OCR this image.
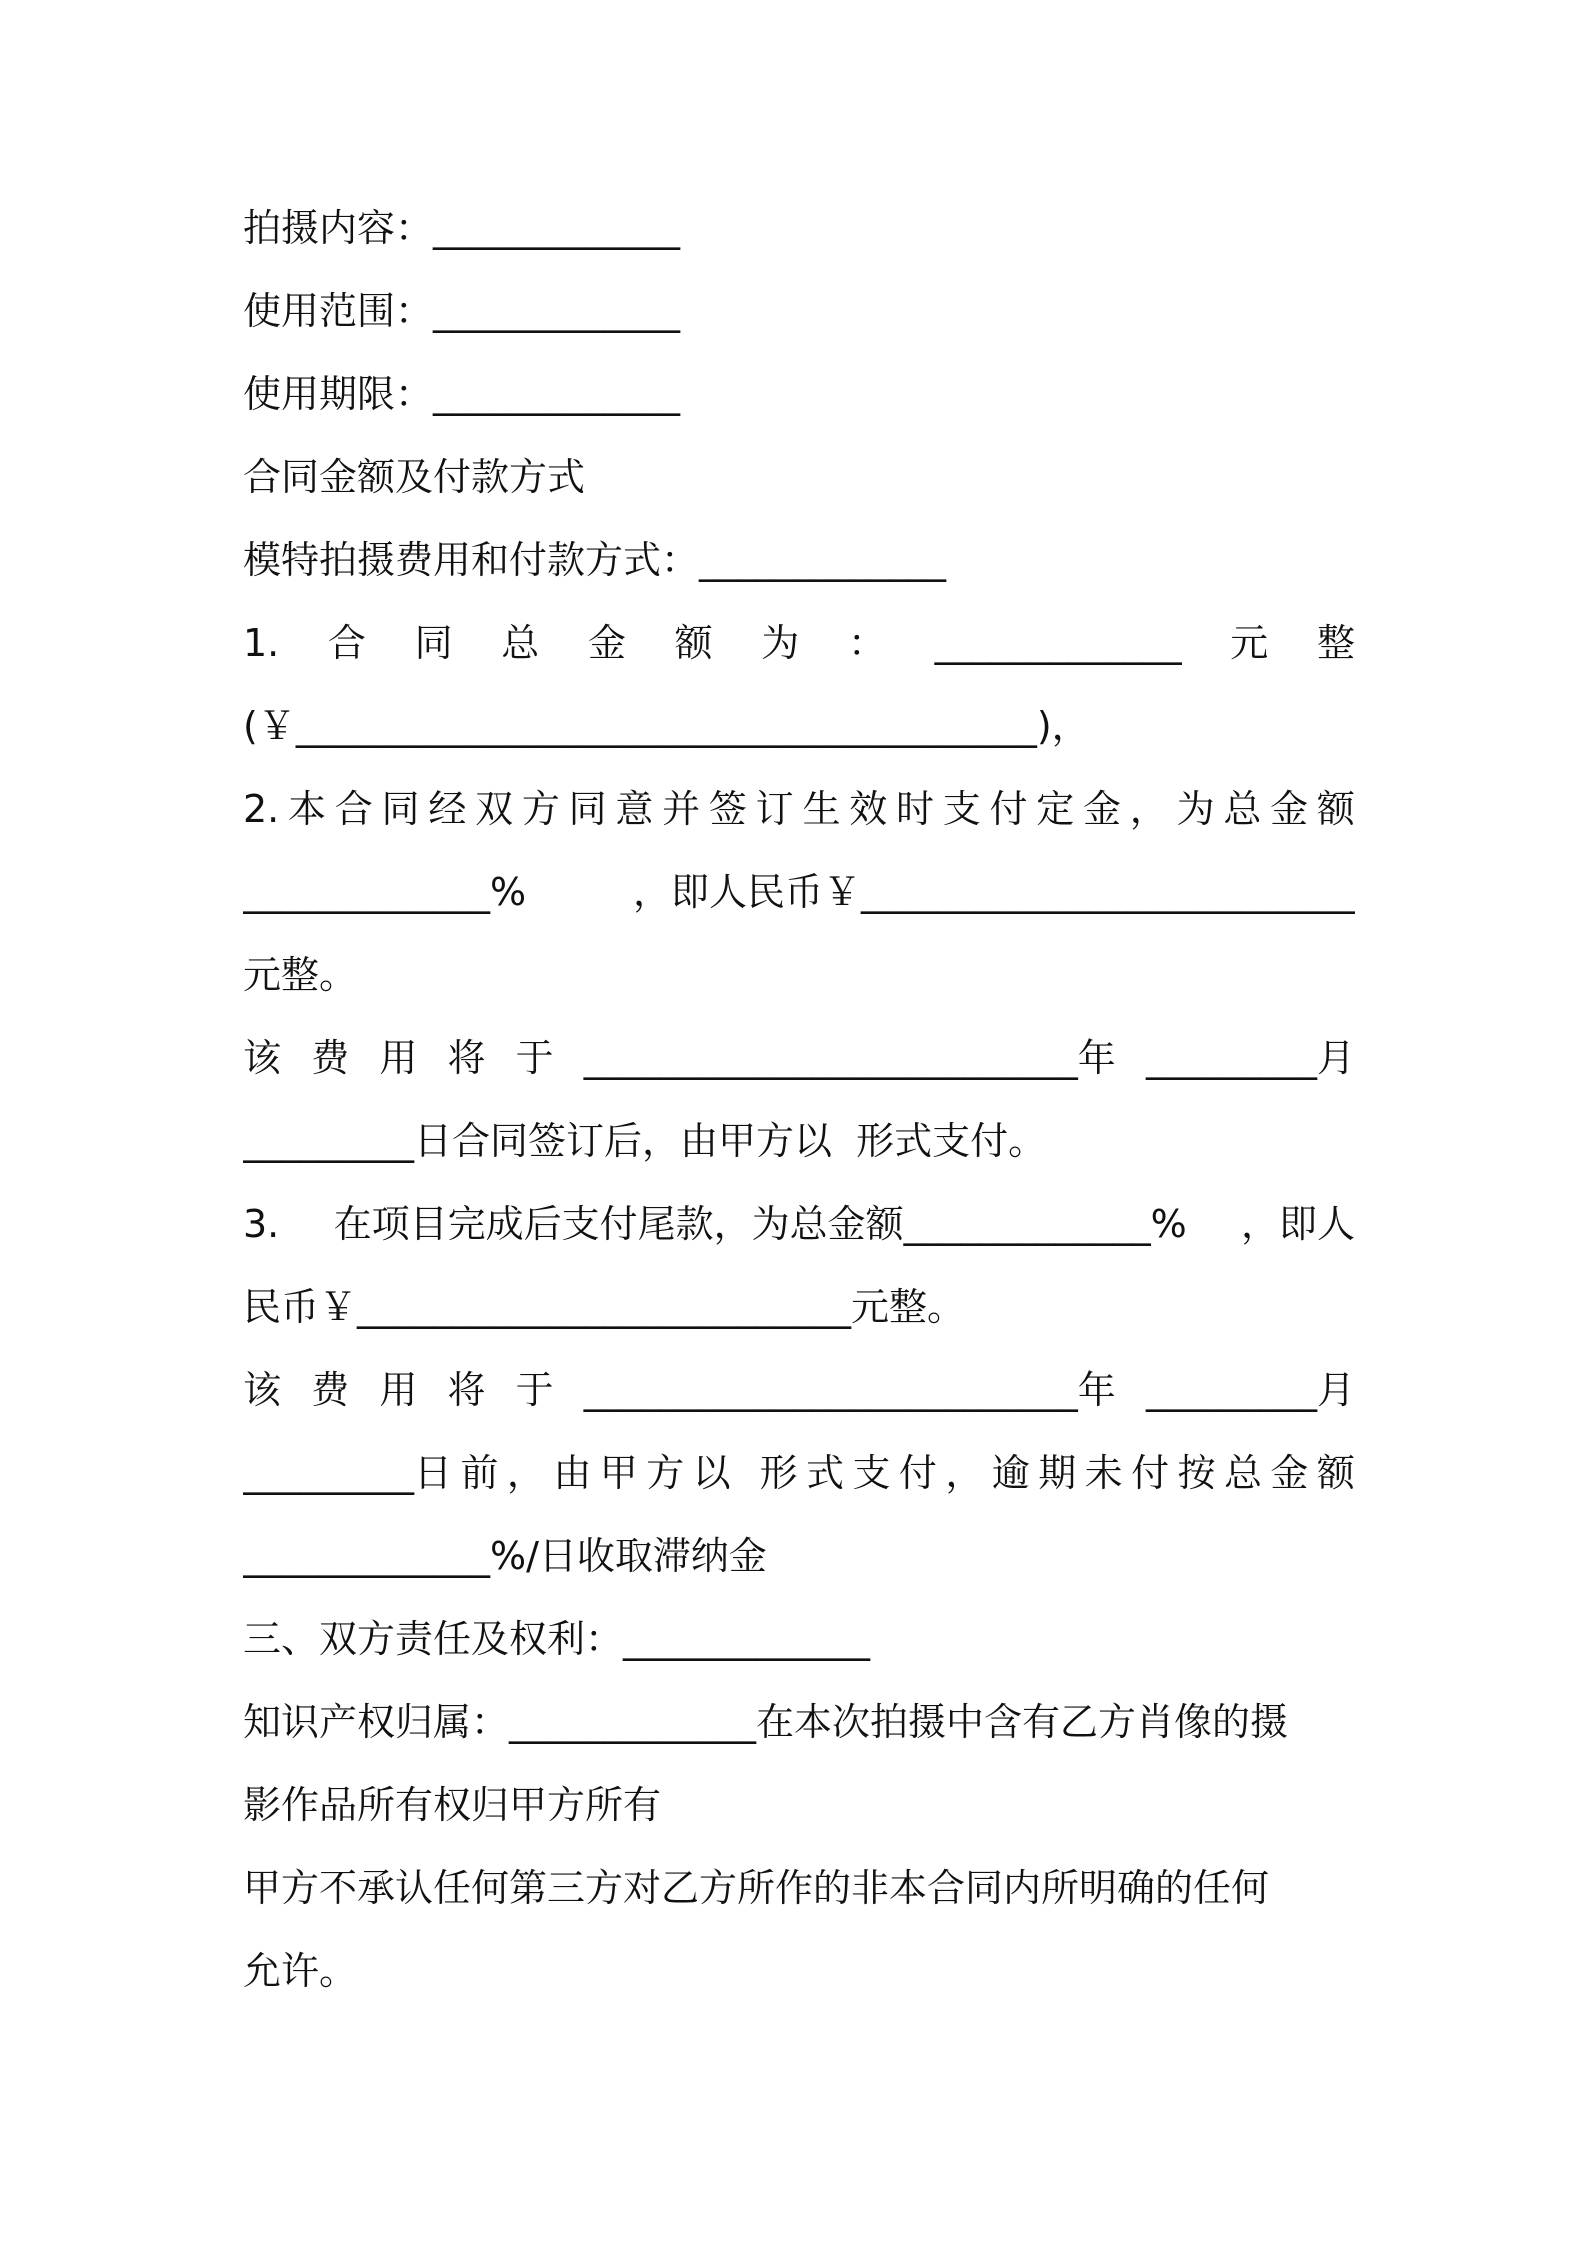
拍摄内容：_____________
使用范围：_____________
使用期限：_____________
合同金额及付款方式
模特拍摄费用和付款方式：_____________
1. 合 同 总 金 额 为 ： _____________ 元 整
(￥_______________________________________)，
2. 本 合 同 经 双 方 同 意 并 签 订 生 效 时 支 付 定 金 ， 为 总 金 额
_____________%	，即人民币￥__________________________
元整。
该 费 用 将 于 __________________________年 _________月
_________日合同签订后，由甲方以  形式支付。
3. 在项目完成后支付尾款，为总金额_____________% ，即人
民币￥__________________________元整。
该 费 用 将 于 __________________________年 _________月
_________日 前 ， 由 甲 方 以
形 式 支 付 ， 逾 期 未 付 按 总 金 额
_____________%/日收取滞纳金
三、双方责任及权利：_____________
知识产权归属：_____________在本次拍摄中含有乙方肖像的摄
影作品所有权归甲方所有
甲方不承认任何第三方对乙方所作的非本合同内所明确的任何
允许。
